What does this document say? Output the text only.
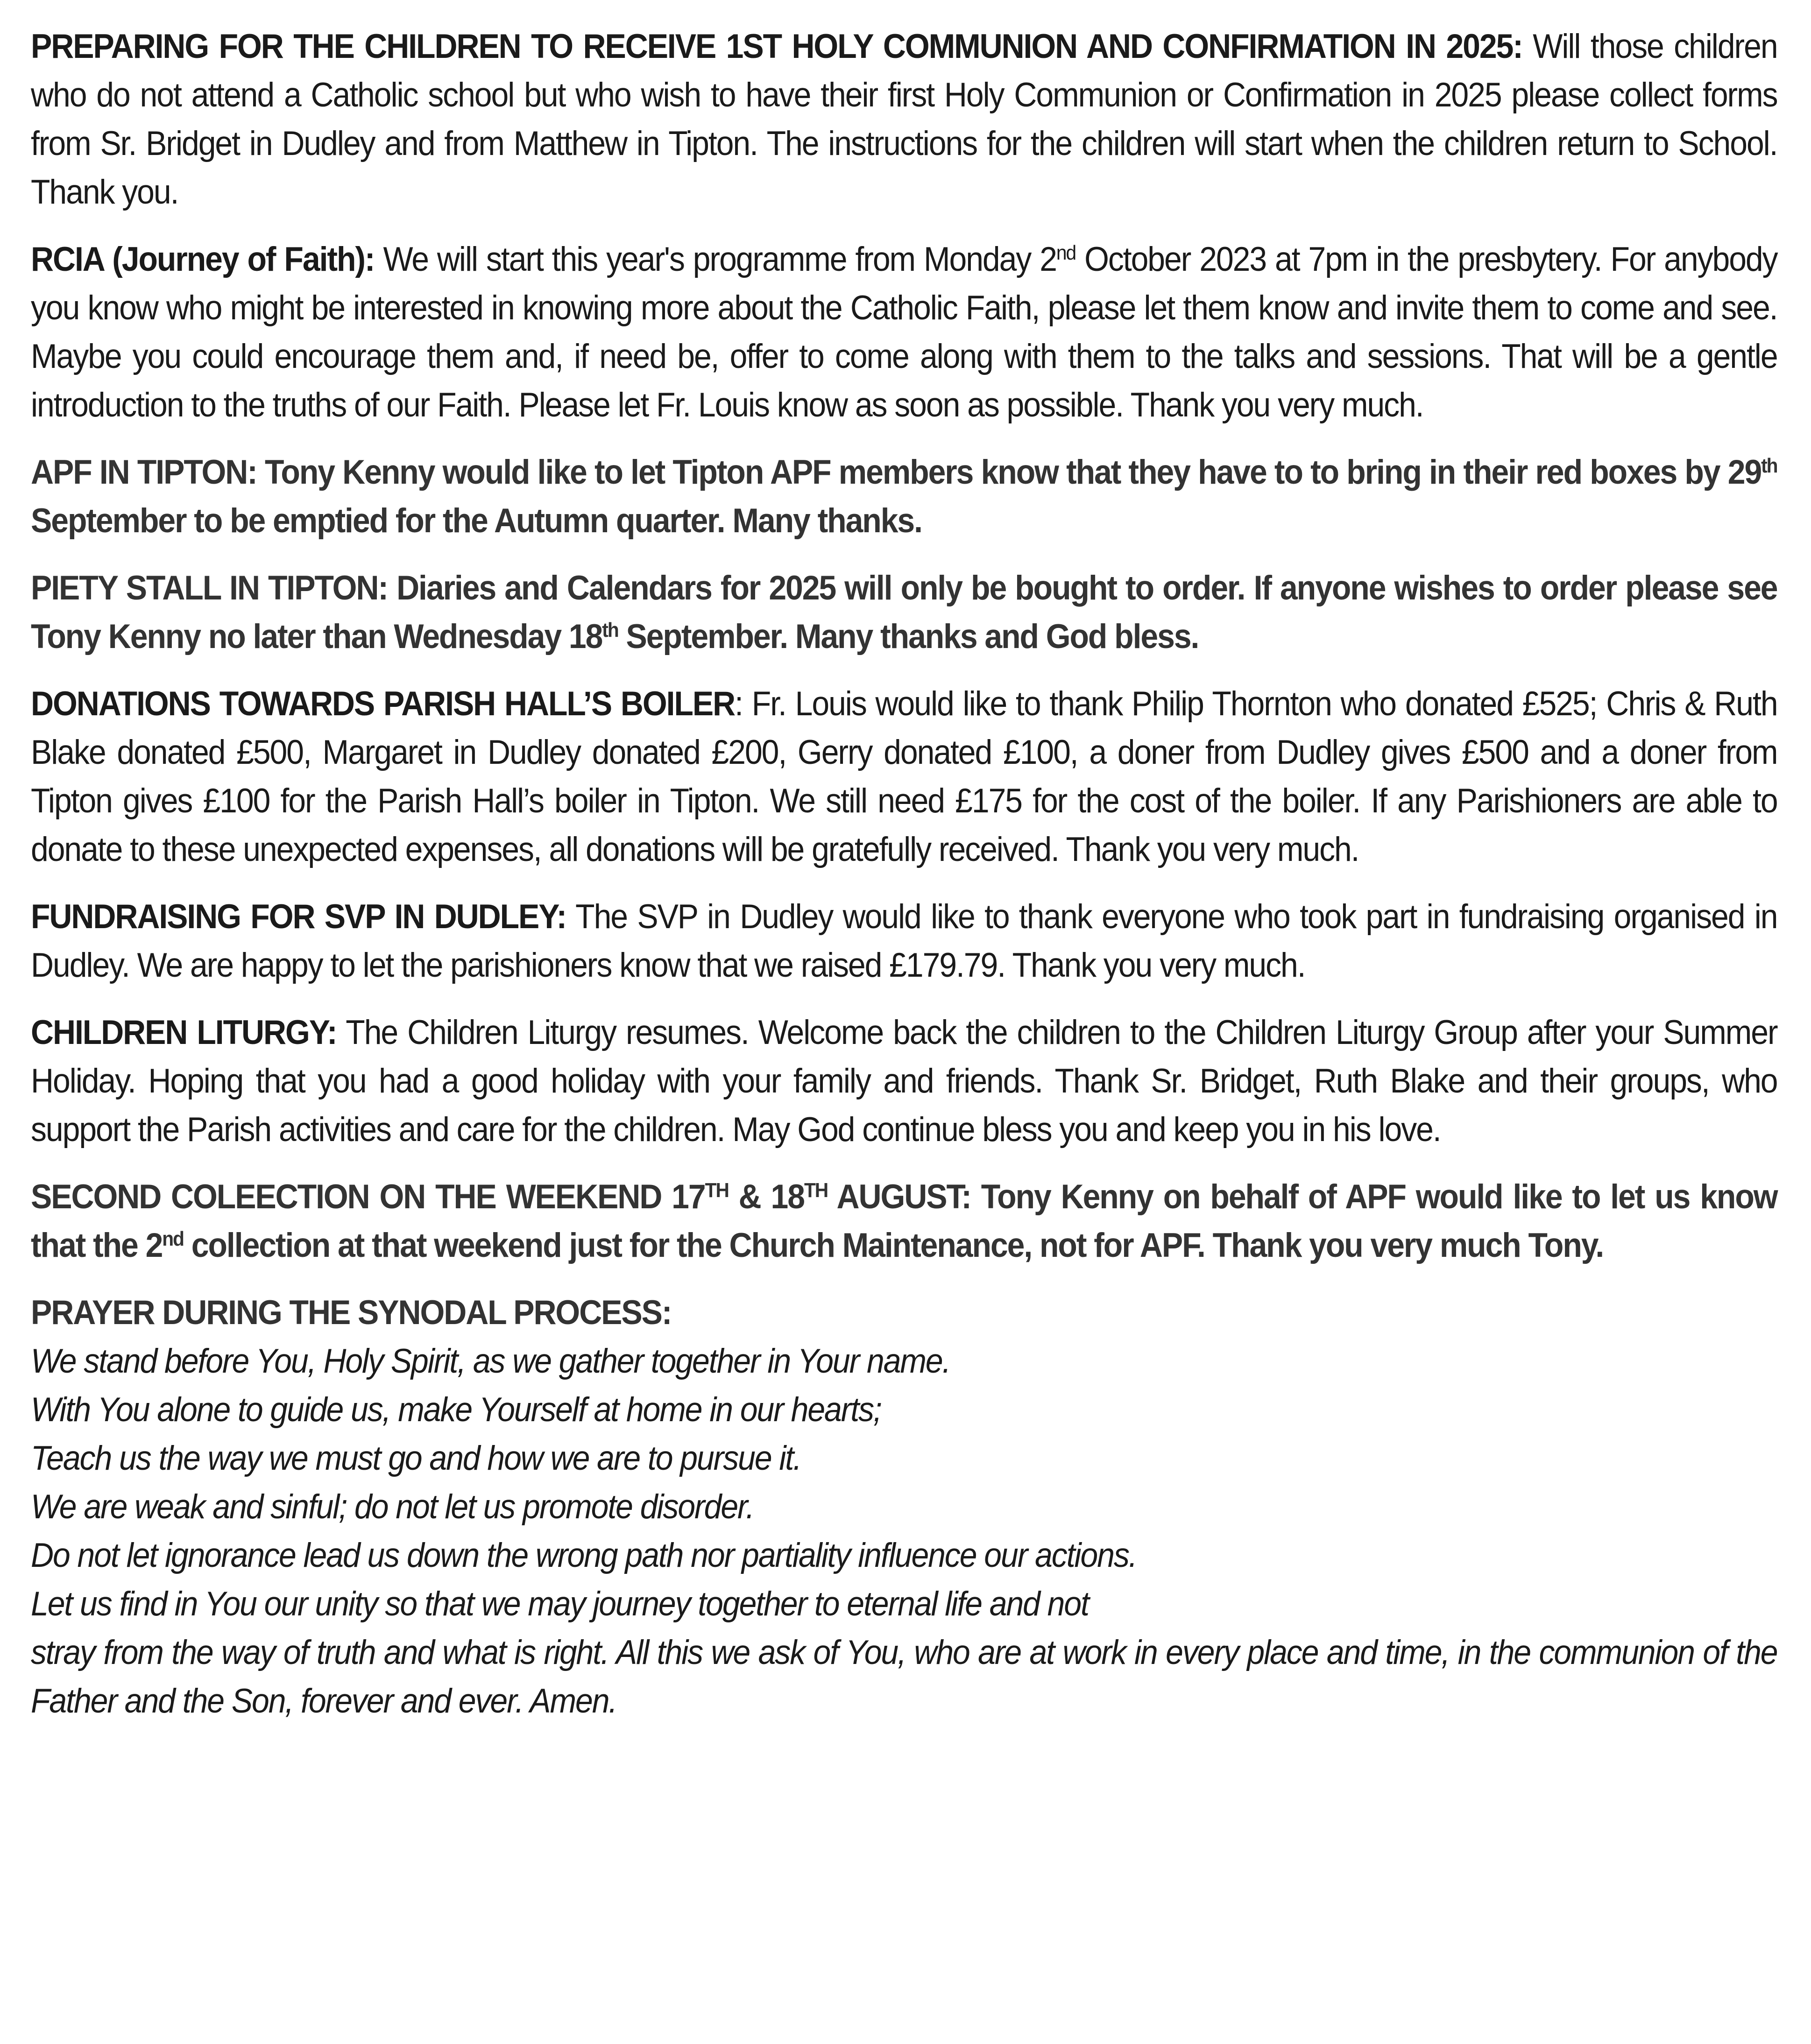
PREPARING FOR THE CHILDREN TO RECEIVE 1ST HOLY COMMUNION AND CONFIRMATION IN 2025: Will those children who do not attend a Catholic school but who wish to have their first Holy Communion or Confirmation in 2025 please collect forms from Sr. Bridget in Dudley and from Matthew in Tipton. The instructions for the children will start when the children return to School. Thank you.

RCIA (Journey of Faith): We will start this year's programme from Monday 2nd October 2023 at 7pm in the presbytery. For anybody you know who might be interested in knowing more about the Catholic Faith, please let them know and invite them to come and see. Maybe you could encourage them and, if need be, offer to come along with them to the talks and sessions. That will be a gentle introduction to the truths of our Faith. Please let Fr. Louis know as soon as possible. Thank you very much.

APF IN TIPTON: Tony Kenny would like to let Tipton APF members know that they have to to bring in their red boxes by 29th September to be emptied for the Autumn quarter. Many thanks.

PIETY STALL IN TIPTON: Diaries and Calendars for 2025 will only be bought to order. If anyone wishes to order please see Tony Kenny no later than Wednesday 18th September. Many thanks and God bless.

DONATIONS TOWARDS PARISH HALL’S BOILER: Fr. Louis would like to thank Philip Thornton who donated £525; Chris & Ruth Blake donated £500, Margaret in Dudley donated £200, Gerry donated £100, a doner from Dudley gives £500 and a doner from Tipton gives £100 for the Parish Hall’s boiler in Tipton. We still need £175 for the cost of the boiler. If any Parishioners are able to donate to these unexpected expenses, all donations will be gratefully received. Thank you very much.

FUNDRAISING FOR SVP IN DUDLEY: The SVP in Dudley would like to thank everyone who took part in fundraising organised in Dudley. We are happy to let the parishioners know that we raised £179.79. Thank you very much.

CHILDREN LITURGY: The Children Liturgy resumes. Welcome back the children to the Children Liturgy Group after your Summer Holiday. Hoping that you had a good holiday with your family and friends. Thank Sr. Bridget, Ruth Blake and their groups, who support the Parish activities and care for the children. May God continue bless you and keep you in his love.

SECOND COLEECTION ON THE WEEKEND 17TH & 18TH AUGUST: Tony Kenny on behalf of APF would like to let us know that the 2nd collection at that weekend just for the Church Maintenance, not for APF. Thank you very much Tony.

PRAYER DURING THE SYNODAL PROCESS:
We stand before You, Holy Spirit, as we gather together in Your name.
With You alone to guide us, make Yourself at home in our hearts;
Teach us the way we must go and how we are to pursue it.
We are weak and sinful; do not let us promote disorder.
Do not let ignorance lead us down the wrong path nor partiality influence our actions.
Let us find in You our unity so that we may journey together to eternal life and not
stray from the way of truth and what is right. All this we ask of You, who are at work in every place and time, in the communion of the Father and the Son, forever and ever. Amen.
